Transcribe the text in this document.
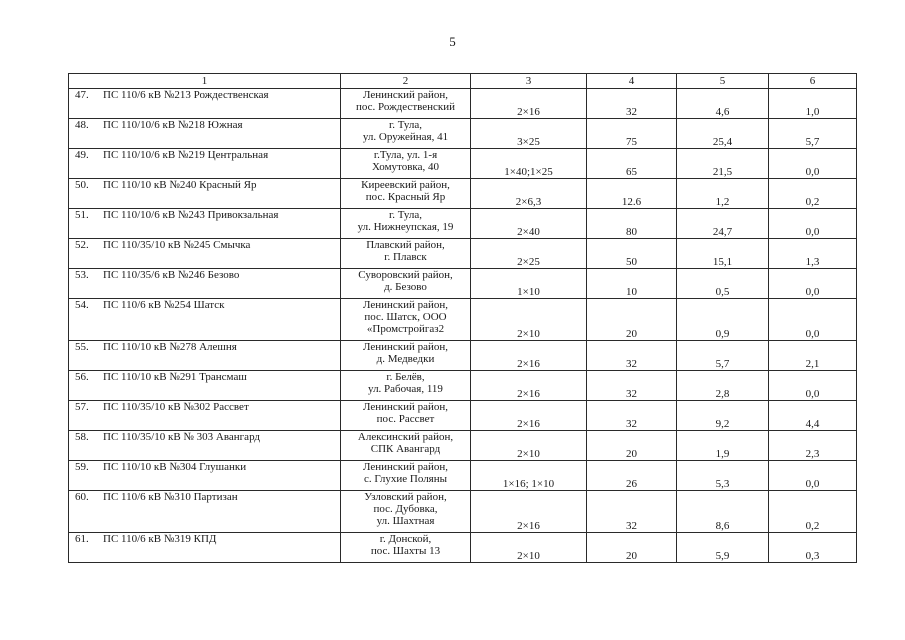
5
1	2	3	4	5	6
47. ПС 110/6 кВ №213 Рождественская	Ленинский район,
пос. Рождественский	2×16	32	4,6	1,0
48. ПС 110/10/6 кВ №218 Южная	г. Тула,
ул. Оружейная, 41	3×25	75	25,4	5,7
49. ПС 110/10/6 кВ №219 Центральная	г.Тула, ул. 1-я
Хомутовка, 40	1×40;1×25	65	21,5	0,0
50. ПС 110/10 кВ №240 Красный Яр	Киреевский район,
пос. Красный Яр	2×6,3	12.6	1,2	0,2
51. ПС 110/10/6 кВ №243 Привокзальная	г. Тула,
ул. Нижнеупская, 19	2×40	80	24,7	0,0
52. ПС 110/35/10 кВ №245 Смычка	Плавский район,
г. Плавск	2×25	50	15,1	1,3
53. ПС 110/35/6 кВ №246 Безово	Суворовский район,
д. Безово	1×10	10	0,5	0,0
54. ПС 110/6 кВ №254 Шатск	Ленинский район,
пос. Шатск, ООО
«Промстройгаз2	2×10	20	0,9	0,0
55. ПС 110/10 кВ №278 Алешня	Ленинский район,
д. Медведки	2×16	32	5,7	2,1
56. ПС 110/10 кВ №291 Трансмаш	г. Белёв,
ул. Рабочая, 119	2×16	32	2,8	0,0
57. ПС 110/35/10 кВ №302 Рассвет	Ленинский район,
пос. Рассвет	2×16	32	9,2	4,4
58. ПС 110/35/10 кВ № 303 Авангард	Алексинский район,
СПК Авангард	2×10	20	1,9	2,3
59. ПС 110/10 кВ №304 Глушанки	Ленинский район,
с. Глухие Поляны	1×16; 1×10	26	5,3	0,0
60. ПС 110/6 кВ №310 Партизан	Узловский район,
пос. Дубовка,
ул. Шахтная	2×16	32	8,6	0,2
61. ПС 110/6 кВ №319 КПД	г. Донской,
пос. Шахты 13	2×10	20	5,9	0,3
